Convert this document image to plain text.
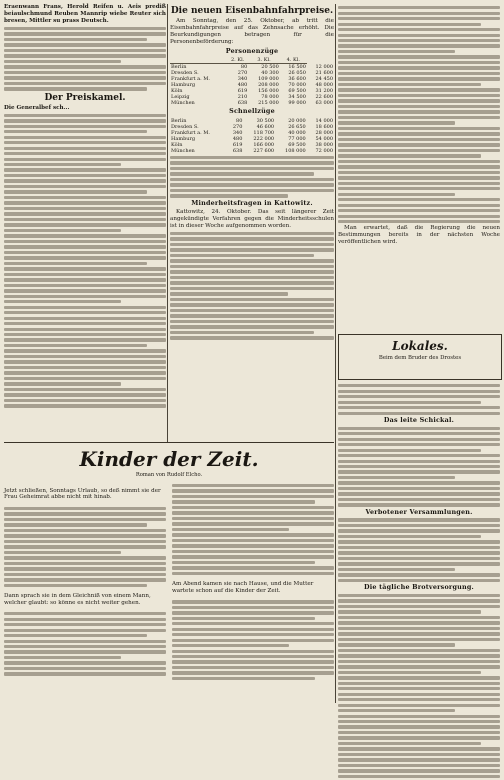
Eraenwann Frans, Herold Reifen u. Aeis prediß beiaulschmund Reuben Mannrip wiebe Reuter sich bresen, Mittler su prass Deutsch.

Der Preiskamel.

Die Generalbef sch...

Die neuen Eisenbahnfahrpreise.

Am Sonntag, den 25. Oktober, ab tritt die Eisenbahnfahrpreise auf das Zehnsache erhöht. Die Beurkundigungen betragen für die Personenbeförderung:

Personenzüge
	2. Kl.	3. Kl.	4. Kl.	
Berlin	80	20 500	16 500	12 000
Dresden S.	270	40 300	26 050	21 600
Frankfurt a. M.	340	109 000	36 600	24 450
Hamburg	480	208 000	70 000	48 000
Köln	619	156 000	69 500	31 200
Leipzig	210	78 000	34 500	22 600
München	638	215 000	99 000	63 000
Schnellzüge
Berlin	80	30 500	20 000	14 000
Dresden S.	270	46 600	26 650	18 600
Frankfurt a. M.	340	118 700	40 000	28 000
Hamburg	480	222 000	77 000	54 000
Köln	619	166 000	69 500	38 000
München	638	227 600	108 000	72 000
Minderheitsfragen in Kattowitz.

Kattowitz, 24. Oktober. Das seit längerer Zeit angekündigte Verfahren gegen die Minderheitsschulen ist in dieser Woche aufgenommen worden.	Man erwartet, daß die Regierung die neuen Bestimmungen bereits in der nächsten Woche veröffentlichen wird.

Lokales.

Beim dem Bruder des Drostes

Das leite Schickal.
Verbotener Versammlungen.
Die tägliche Brotversorgung.
Kinder der Zeit.
Roman von Rudolf Elcho.

Jetzt schließen, Sonntags Urlaub, so deß nimmt sie der Frau Geheimrat abbe nicht mit hinab.

Dann sprach sie in dem Gleichniß von einem Mann, welcher glaubt: so könne es nicht weiter gehen.

Am Abend kamen sie nach Hause, und die Mutter wartete schon auf die Kinder der Zeit.
